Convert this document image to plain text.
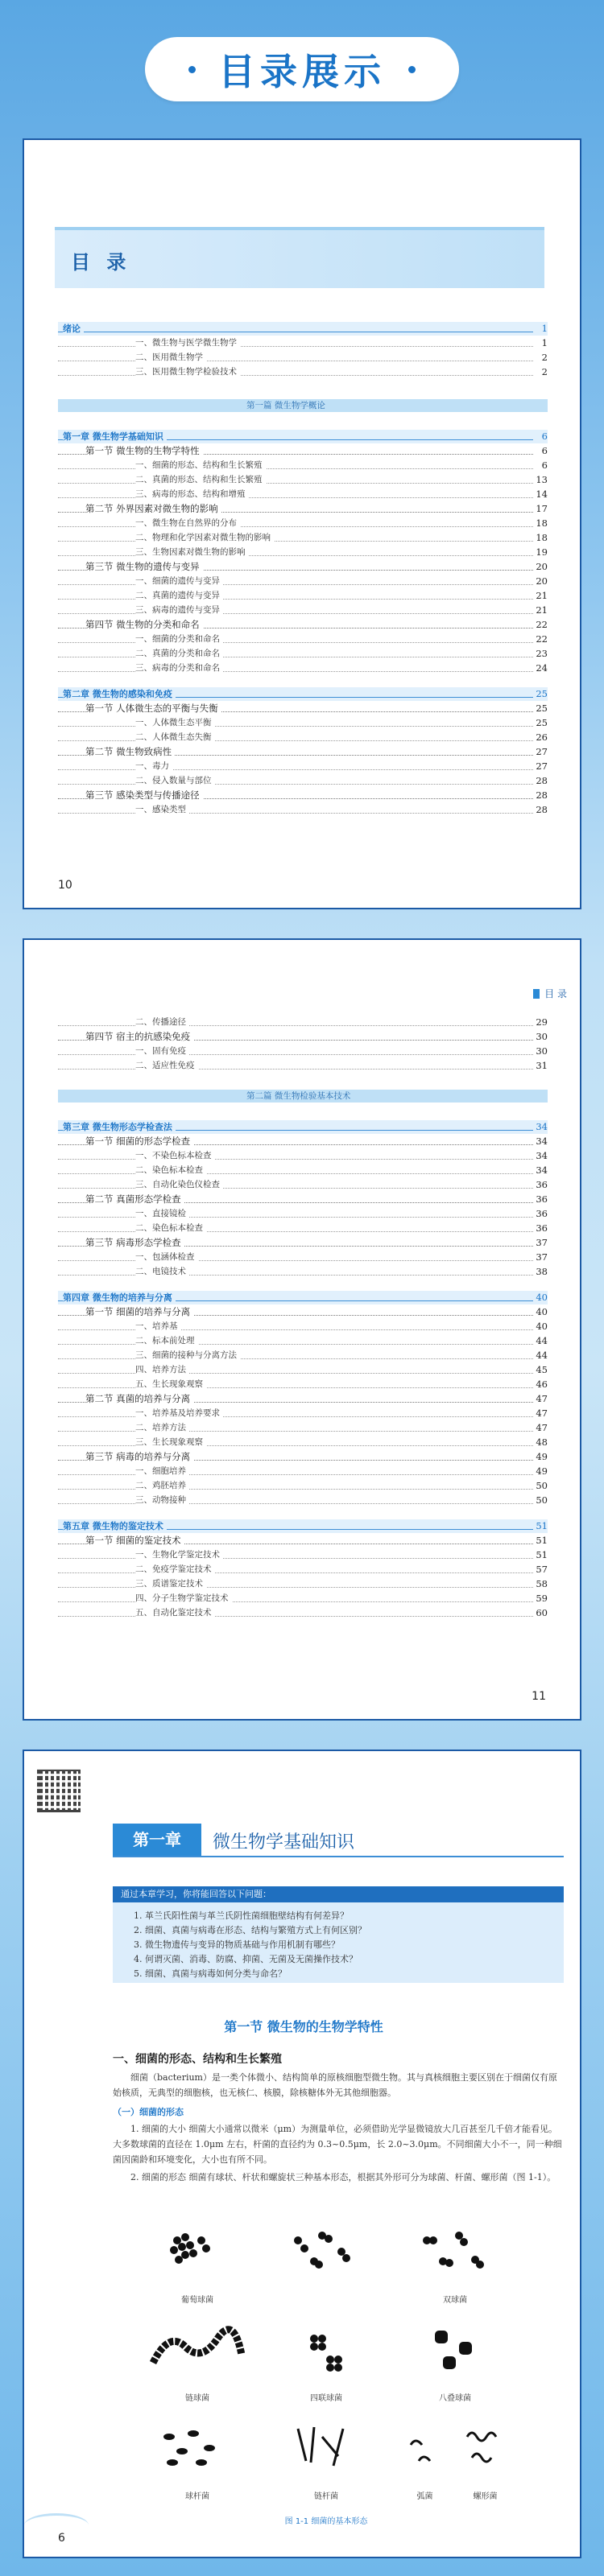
目录展示
目 录
绪论	1
一、微生物与医学微生物学	1
二、医用微生物学	2
三、医用微生物学检验技术	2
第一篇 微生物学概论
第一章 微生物学基础知识	6
第一节 微生物的生物学特性	6
一、细菌的形态、结构和生长繁殖	6
二、真菌的形态、结构和生长繁殖	13
三、病毒的形态、结构和增殖	14
第二节 外界因素对微生物的影响	17
一、微生物在自然界的分布	18
二、物理和化学因素对微生物的影响	18
三、生物因素对微生物的影响	19
第三节 微生物的遗传与变异	20
一、细菌的遗传与变异	20
二、真菌的遗传与变异	21
三、病毒的遗传与变异	21
第四节 微生物的分类和命名	22
一、细菌的分类和命名	22
二、真菌的分类和命名	23
三、病毒的分类和命名	24
第二章 微生物的感染和免疫	25
第一节 人体微生态的平衡与失衡	25
一、人体微生态平衡	25
二、人体微生态失衡	26
第二节 微生物致病性	27
一、毒力	27
二、侵入数量与部位	28
第三节 感染类型与传播途径	28
一、感染类型	28
10
目 录
二、传播途径	29
第四节 宿主的抗感染免疫	30
一、固有免疫	30
二、适应性免疫	31
第二篇 微生物检验基本技术
第三章 微生物形态学检查法	34
第一节 细菌的形态学检查	34
一、不染色标本检查	34
二、染色标本检查	34
三、自动化染色仪检查	36
第二节 真菌形态学检查	36
一、直接镜检	36
二、染色标本检查	36
第三节 病毒形态学检查	37
一、包涵体检查	37
二、电镜技术	38
第四章 微生物的培养与分离	40
第一节 细菌的培养与分离	40
一、培养基	40
二、标本前处理	44
三、细菌的接种与分离方法	44
四、培养方法	45
五、生长现象观察	46
第二节 真菌的培养与分离	47
一、培养基及培养要求	47
二、培养方法	47
三、生长现象观察	48
第三节 病毒的培养与分离	49
一、细胞培养	49
二、鸡胚培养	50
三、动物接种	50
第五章 微生物的鉴定技术	51
第一节 细菌的鉴定技术	51
一、生物化学鉴定技术	51
二、免疫学鉴定技术	57
三、质谱鉴定技术	58
四、分子生物学鉴定技术	59
五、自动化鉴定技术	60
11
第一章	微生物学基础知识
通过本章学习，你将能回答以下问题：
1. 革兰氏阳性菌与革兰氏阴性菌细胞壁结构有何差异？
2. 细菌、真菌与病毒在形态、结构与繁殖方式上有何区别？
3. 微生物遗传与变异的物质基础与作用机制有哪些？
4. 何谓灭菌、消毒、防腐、抑菌、无菌及无菌操作技术？
5. 细菌、真菌与病毒如何分类与命名？
第一节 微生物的生物学特性
一、细菌的形态、结构和生长繁殖
细菌（bacterium）是一类个体微小、结构简单的原核细胞型微生物。其与真核细胞主要区别在于细菌仅有原始核质，无典型的细胞核，也无核仁、核膜，除核糖体外无其他细胞器。
（一）细菌的形态
1. 细菌的大小 细菌大小通常以微米（μm）为测量单位，必须借助光学显微镜放大几百甚至几千倍才能看见。大多数球菌的直径在 1.0μm 左右，杆菌的直径约为 0.3~0.5μm，长 2.0~3.0μm。不同细菌大小不一，同一种细菌因菌龄和环境变化，大小也有所不同。
2. 细菌的形态 细菌有球状、杆状和螺旋状三种基本形态，根据其外形可分为球菌、杆菌、螺形菌（图 1-1）。
葡萄球菌	双球菌
链球菌	四联球菌	八叠球菌
球杆菌	链杆菌	弧菌	螺形菌
图 1-1 细菌的基本形态
6
